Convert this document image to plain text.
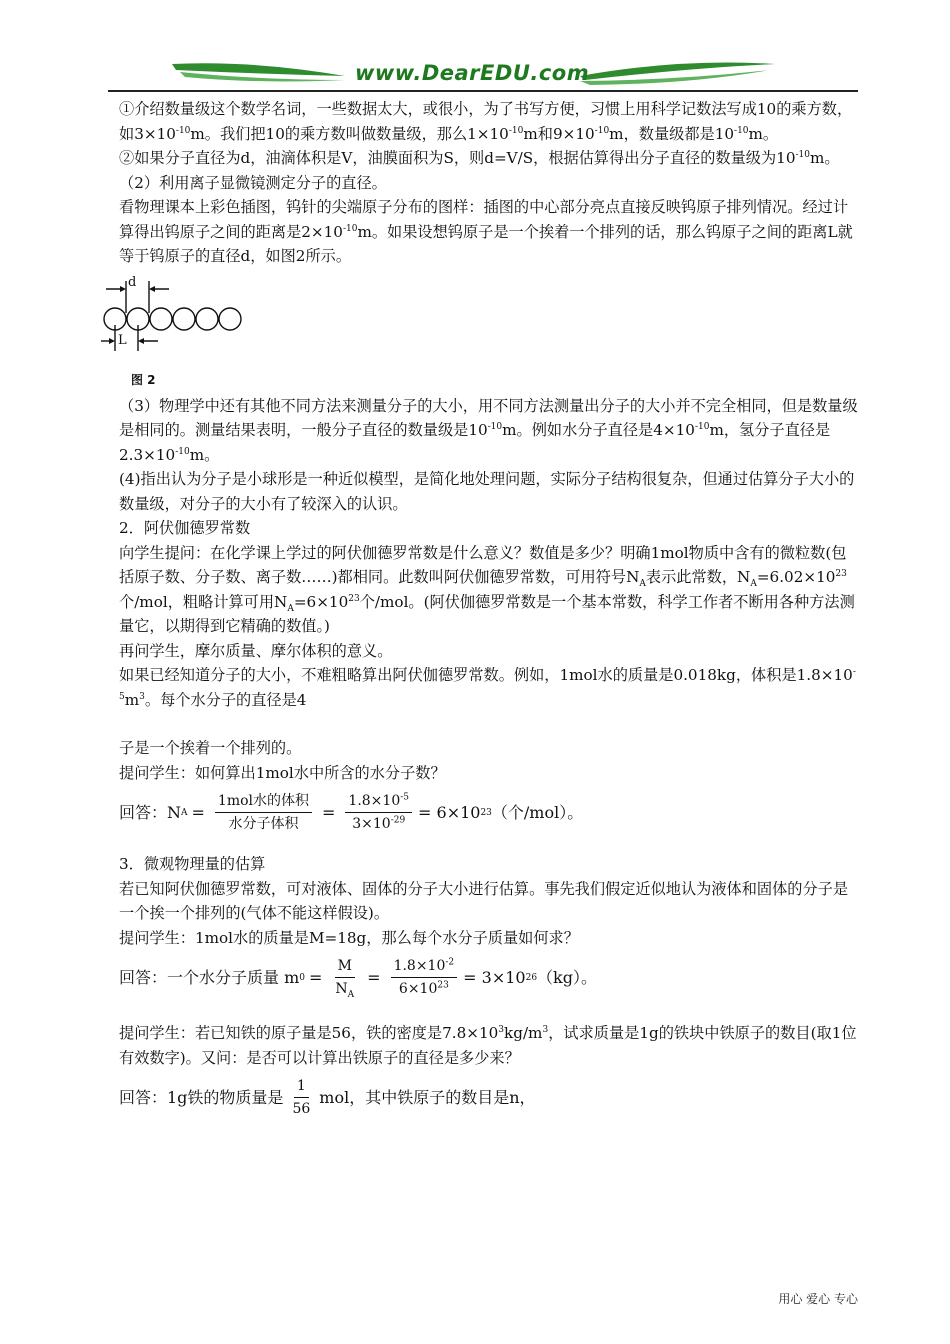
www.DearEDU.com

①介绍数量级这个数学名词，一些数据太大，或很小，为了书写方便，习惯上用科学记数法写成10的乘方数，如$3\times 10^{-10}m$。我们把10的乘方数叫做数量级，那么$1\times 10^{-10}m$和$9\times 10^{-10}m$，数量级都是$10^{-10}m$。

②如果分子直径为d，油滴体积是V，油膜面积为S，则d=V/S，根据估算得出分子直径的数量级为$10^{-10}m$。

（2）利用离子显微镜测定分子的直径。

看物理课本上彩色插图，钨针的尖端原子分布的图样：插图的中心部分亮点直接反映钨原子排列情况。经过计算得出钨原子之间的距离是$2\times 10^{-10}m$。如果设想钨原子是一个挨着一个排列的话，那么钨原子之间的距离L就等于钨原子的直径d，如图2所示。

d
L
图 2

（3）物理学中还有其他不同方法来测量分子的大小，用不同方法测量出分子的大小并不完全相同，但是数量级是相同的。测量结果表明，一般分子直径的数量级是$10^{-10}m$。例如水分子直径是$4\times 10^{-10}m$，氢分子直径是$2.3\times 10^{-10}m$。

(4)指出认为分子是小球形是一种近似模型，是简化地处理问题，实际分子结构很复杂，但通过估算分子大小的数量级，对分子的大小有了较深入的认识。

2．阿伏伽德罗常数

向学生提问：在化学课上学过的阿伏伽德罗常数是什么意义？数值是多少？明确1mol物质中含有的微粒数(包括原子数、分子数、离子数……)都相同。此数叫阿伏伽德罗常数，可用符号$N_A$表示此常数，$N_A=6.02\times 10^{23}$个/mol，粗略计算可用$N_A=6\times 10^{23}$个/mol。(阿伏伽德罗常数是一个基本常数，科学工作者不断用各种方法测量它，以期得到它精确的数值。)

再问学生，摩尔质量、摩尔体积的意义。

如果已经知道分子的大小，不难粗略算出阿伏伽德罗常数。例如，1mol水的质量是0.018kg，体积是$1.8\times 10^{-5}m^3$。每个水分子的直径是4

子是一个挨着一个排列的。

提问学生：如何算出1mol水中所含的水分子数？

回答：N $A = \frac{\text{1mol水的体积}}{\text{水分子体积}} = \frac{1.8\times 10^{-5}}{3\times 10^{-29}} = 6\times 10$ 23 （个/mol）。

3．微观物理量的估算

若已知阿伏伽德罗常数，可对液体、固体的分子大小进行估算。事先我们假定近似地认为液体和固体的分子是一个挨一个排列的(气体不能这样假设)。

提问学生：1mol水的质量是M=18g，那么每个水分子质量如何求？

回答：一个水分子质量 m $0 = \frac{M}{N_A} = \frac{1.8\times 10^{-2}}{6\times 10^{23}} = 3\times 10$ 26 （kg）。

提问学生：若已知铁的原子量是56，铁的密度是$7.8\times 10^3kg/m^3$，试求质量是1g的铁块中铁原子的数目(取1位有效数字)。又问：是否可以计算出铁原子的直径是多少来？

回答：1g铁的物质量是 $\frac{1}{56}$ mol，其中铁原子的数目是n，
用心 爱心 专心
